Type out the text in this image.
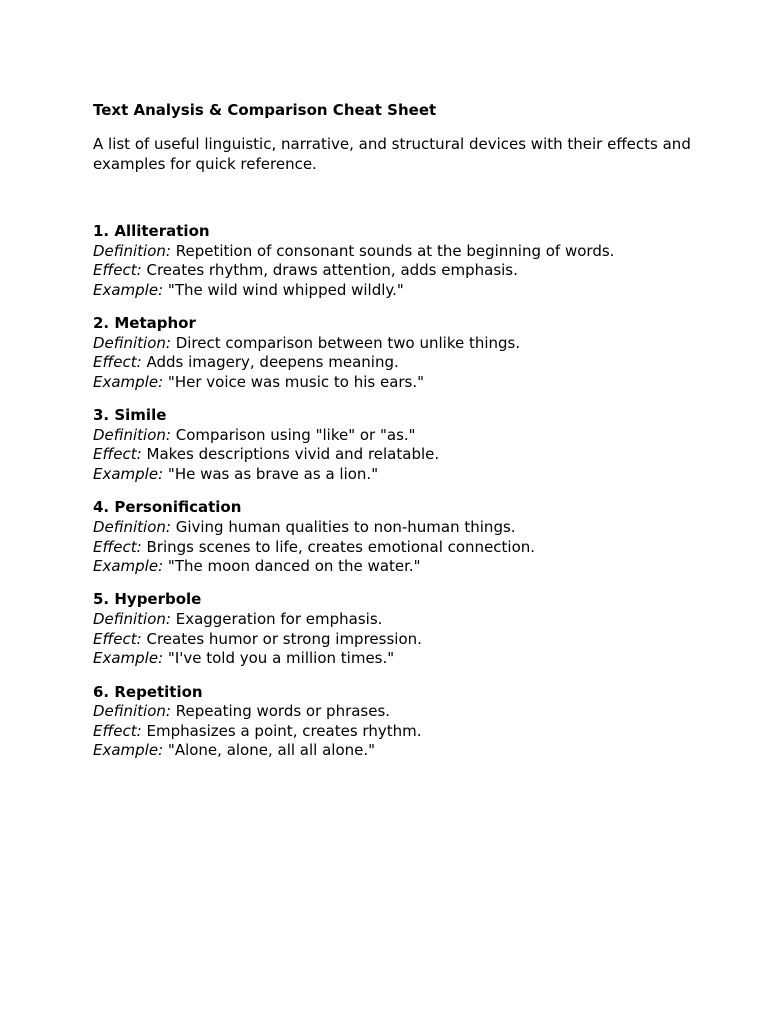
Text Analysis & Comparison Cheat Sheet

A list of useful linguistic, narrative, and structural devices with their effects and examples for quick reference.

1. Alliteration

Definition: Repetition of consonant sounds at the beginning of words.

Effect: Creates rhythm, draws attention, adds emphasis.

Example: "The wild wind whipped wildly."

2. Metaphor

Definition: Direct comparison between two unlike things.

Effect: Adds imagery, deepens meaning.

Example: "Her voice was music to his ears."

3. Simile

Definition: Comparison using "like" or "as."

Effect: Makes descriptions vivid and relatable.

Example: "He was as brave as a lion."

4. Personification

Definition: Giving human qualities to non-human things.

Effect: Brings scenes to life, creates emotional connection.

Example: "The moon danced on the water."

5. Hyperbole

Definition: Exaggeration for emphasis.

Effect: Creates humor or strong impression.

Example: "I've told you a million times."

6. Repetition

Definition: Repeating words or phrases.

Effect: Emphasizes a point, creates rhythm.

Example: "Alone, alone, all all alone."
